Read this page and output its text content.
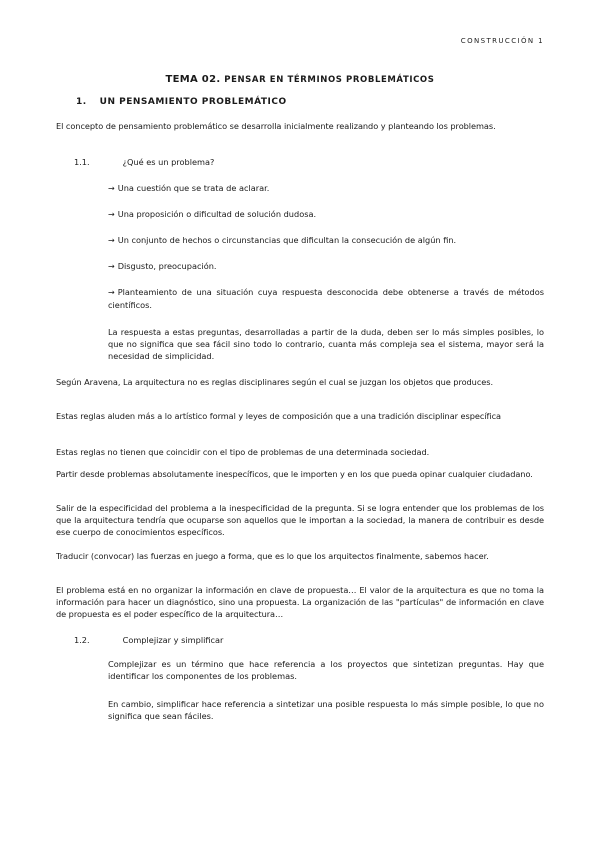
CONSTRUCCIÓN 1
TEMA 02. PENSAR EN TÉRMINOS PROBLEMÁTICOS
1. UN PENSAMIENTO PROBLEMÁTICO
El concepto de pensamiento problemático se desarrolla inicialmente realizando y planteando los problemas.
1.1.	¿Qué es un problema?
→ Una cuestión que se trata de aclarar.
→ Una proposición o dificultad de solución dudosa.
→ Un conjunto de hechos o circunstancias que dificultan la consecución de algún fin.
→ Disgusto, preocupación.
→ Planteamiento de una situación cuya respuesta desconocida debe obtenerse a través de métodos científicos.
La respuesta a estas preguntas, desarrolladas a partir de la duda, deben ser lo más simples posibles, lo que no significa que sea fácil sino todo lo contrario, cuanta más compleja sea el sistema, mayor será la necesidad de simplicidad.
Según Aravena, La arquitectura no es reglas disciplinares según el cual se juzgan los objetos que produces.
Estas reglas aluden más a lo artístico formal y leyes de composición que a una tradición disciplinar específica
Estas reglas no tienen que coincidir con el tipo de problemas de una determinada sociedad.
Partir desde problemas absolutamente inespecíficos, que le importen y en los que pueda opinar cualquier ciudadano.
Salir de la especificidad del problema a la inespecificidad de la pregunta. Si se logra entender que los problemas de los que la arquitectura tendría que ocuparse son aquellos que le importan a la sociedad, la manera de contribuir es desde ese cuerpo de conocimientos específicos.
Traducir (convocar) las fuerzas en juego a forma, que es lo que los arquitectos finalmente, sabemos hacer.
El problema está en no organizar la información en clave de propuesta… El valor de la arquitectura es que no toma la información para hacer un diagnóstico, sino una propuesta. La organización de las "partículas" de información en clave de propuesta es el poder específico de la arquitectura…
1.2.	Complejizar y simplificar
Complejizar es un término que hace referencia a los proyectos que sintetizan preguntas. Hay que identificar los componentes de los problemas.
En cambio, simplificar hace referencia a sintetizar una posible respuesta lo más simple posible, lo que no significa que sean fáciles.
